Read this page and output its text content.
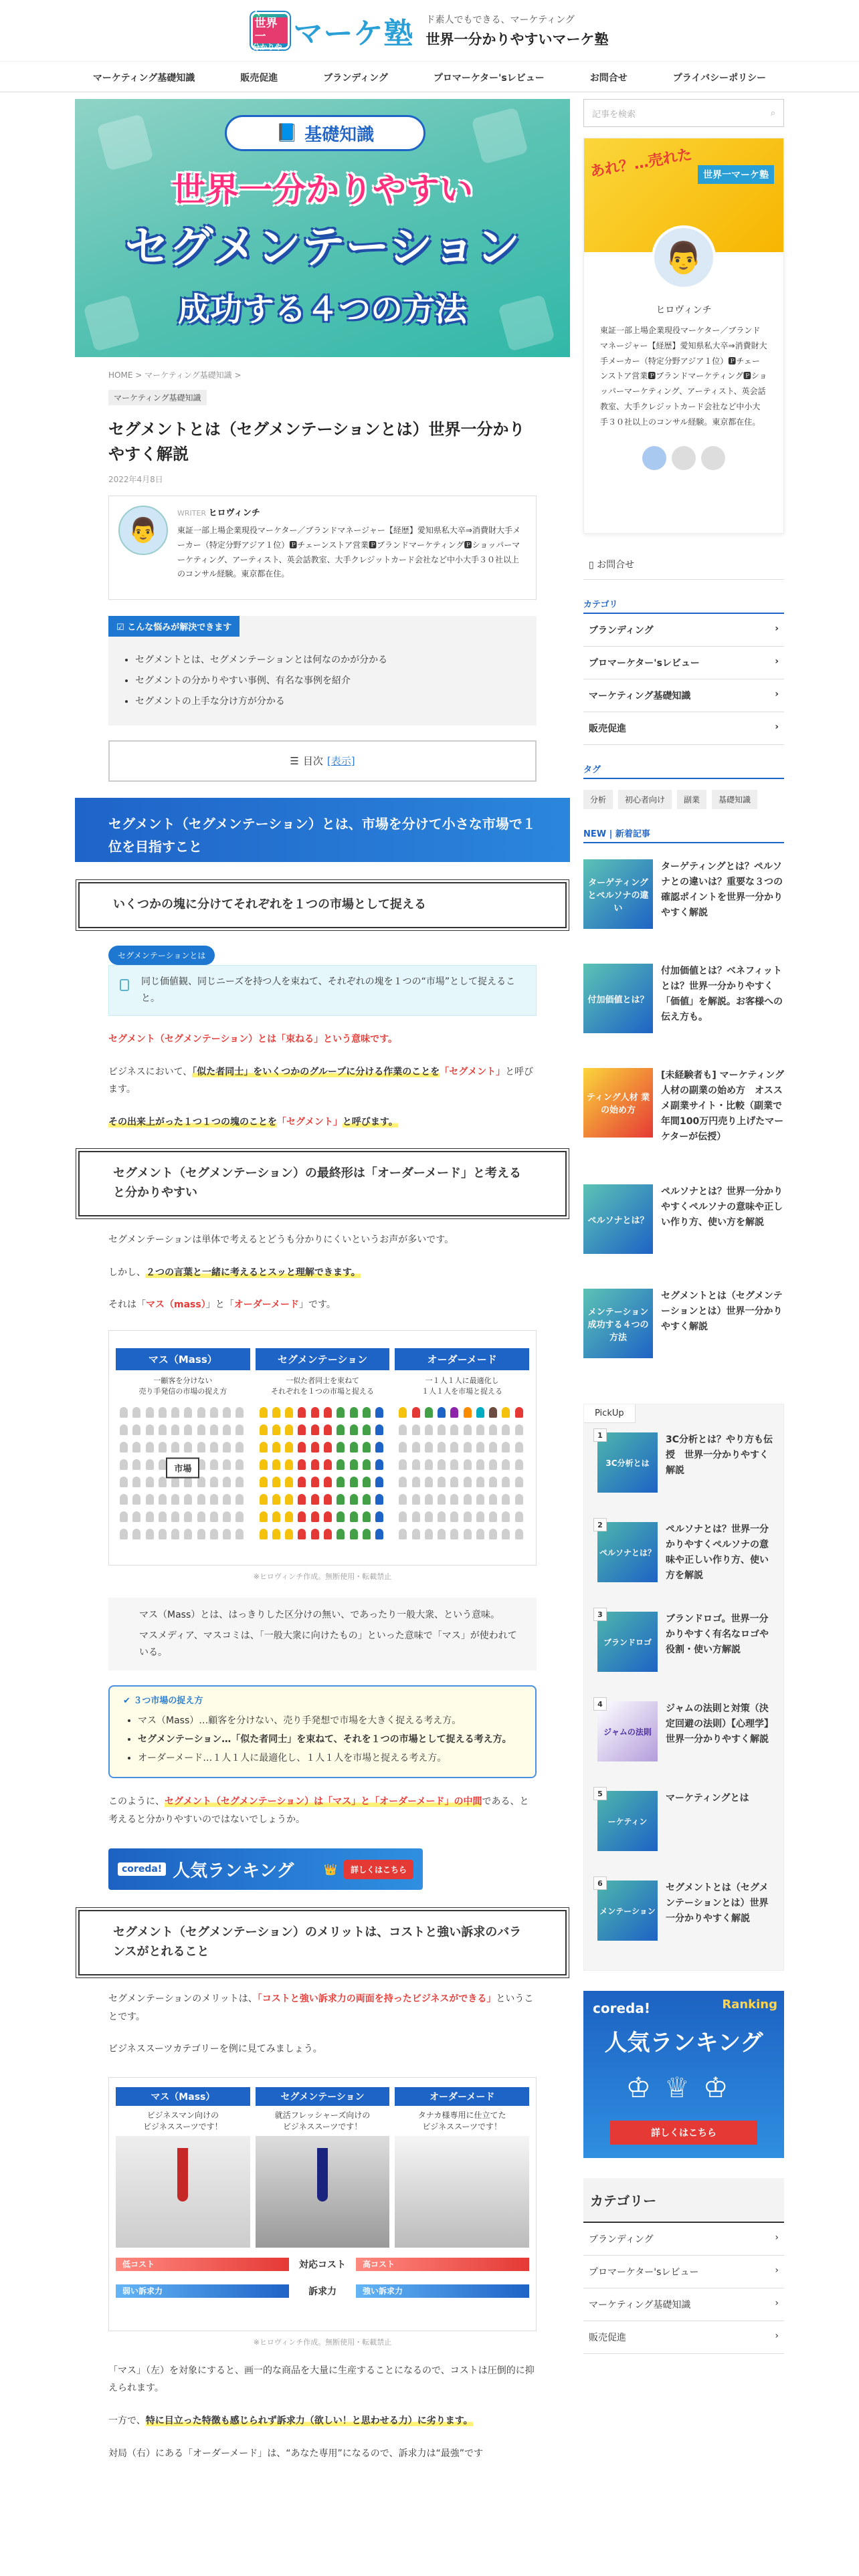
世界中の人
世界一
分かりやすい
マーケ塾 ド素人でもできる、マーケティング
世界一分かりやすいマーケ塾
マーケティング基礎知識	販売促進	ブランディング	プロマーケター'sレビュー	お問合せ	プライバシーポリシー
📘 基礎知識
世界一分かりやすい
セグメンテーション
成功する４つの方法
HOME > マーケティング基礎知識 >
マーケティング基礎知識
セグメントとは（セグメンテーションとは）世界一分かりやすく解説
2022年4月8日
👨
WRITER ヒロヴィンチ
東証一部上場企業現役マーケター／ブランドマネージャー【経歴】愛知県私大卒⇒消費財大手メーカー（特定分野アジア１位）🅿チェーンストア営業🅿ブランドマーケティング🅿ショッパーマーケティング、アーティスト、英会話教室、大手クレジットカード会社など中小大手３０社以上のコンサル経験。東京都在住。
☑ こんな悩みが解決できます
• セグメントとは、セグメンテーションとは何なのかが分かる
• セグメントの分かりやすい事例、有名な事例を紹介
• セグメントの上手な分け方が分かる
☰ 目次 [表示]
セグメント（セグメンテーション）とは、市場を分けて小さな市場で１位を目指すこと
いくつかの塊に分けてそれぞれを１つの市場として捉える
セグメンテーションとは
同じ価値観、同じニーズを持つ人を束ねて、それぞれの塊を１つの“市場”として捉えること。

セグメント（セグメンテーション）とは「束ねる」という意味です。

ビジネスにおいて、「似た者同士」をいくつかのグループに分ける作業のことを「セグメント」と呼びます。

その出来上がった１つ１つの塊のことを「セグメント」と呼びます。

セグメント（セグメンテーション）の最終形は「オーダーメード」と考えると分かりやすい

セグメンテーションは単体で考えるとどうも分かりにくいというお声が多いです。

しかし、２つの言葉と一緒に考えるとスッと理解できます。

それは「マス（mass）」と「オーダーメード」です。

マス（Mass）
一顧客を分けない
売り手発信の市場の捉え方
市場
セグメンテーション
一似た者同士を束ねて
それぞれを１つの市場と捉える
オーダーメード
一１人１人に最適化し
１人１人を市場と捉える
※ヒロヴィンチ作成。無断使用・転載禁止

マス（Mass）とは、はっきりした区分けの無い、であったり一般大衆、という意味。

マスメディア、マスコミは、「一般大衆に向けたもの」といった意味で「マス」が使われている。

✔ ３つ市場の捉え方
• マス（Mass）…顧客を分けない、売り手発想で市場を大きく捉える考え方。
• セグメンテーション…「似た者同士」を束ねて、それを１つの市場として捉える考え方。
• オーダーメード…１人１人に最適化し、１人１人を市場と捉える考え方。

このように、セグメント（セグメンテーション）は「マス」と「オーダーメード」の中間である、と考えると分かりやすいのではないでしょうか。

coreda! 人気ランキング	👑	詳しくはこちら
セグメント（セグメンテーション）のメリットは、コストと強い訴求のバランスがとれること

セグメンテーションのメリットは、「コストと強い訴求力の両面を持ったビジネスができる」ということです。

ビジネススーツカテゴリーを例に見てみましょう。

マス（Mass）
ビジネスマン向けの
ビジネススーツです！
セグメンテーション
就活フレッシャーズ向けの
ビジネススーツです！
オーダーメード
タナカ様専用に仕立てた
ビジネススーツです！
低コスト	対応コスト	高コスト
弱い訴求力	訴求力	強い訴求力
※ヒロヴィンチ作成。無断使用・転載禁止

「マス」（左）を対象にすると、画一的な商品を大量に生産することになるので、コストは圧倒的に抑えられます。

一方で、特に目立った特徴も感じられず訴求力（欲しい！と思わせる力）に劣ります。

対局（右）にある「オーダーメード」は、“あなた専用”になるので、訴求力は“最強”です

記事を検索	⌕
あれ？…売れた	世界一マーケ塾
👨
ヒロヴィンチ
東証一部上場企業現役マーケター／ブランドマネージャー【経歴】愛知県私大卒⇒消費財大手メーカー（特定分野アジア１位）🅿チェーンストア営業🅿ブランドマーケティング🅿ショッパーマーケティング、アーティスト、英会話教室、大手クレジットカード会社など中小大手３０社以上のコンサル経験。東京都在住。
▯ お問合せ
カテゴリ
ブランディング	›
プロマーケター'sレビュー	›
マーケティング基礎知識	›
販売促進	›
タグ
分析	初心者向け	副業	基礎知識
NEW | 新着記事
ターゲティングとペルソナの違い
ターゲティングとは？ペルソナとの違いは？重要な３つの確認ポイントを世界一分かりやすく解説
付加価値とは？
付加価値とは？ベネフィットとは？世界一分かりやすく「価値」を解説。お客様への伝え方も。
ティング人材 業の始め方
[未経験者も] マーケティング人材の副業の始め方　オススメ副業サイト・比較（副業で年間100万円売り上げたマーケターが伝授）
ペルソナとは？
ペルソナとは？世界一分かりやすくペルソナの意味や正しい作り方、使い方を解説
メンテーション 成功する４つの方法
セグメントとは（セグメンテーションとは）世界一分かりやすく解説
PickUp
1
3C分析とは
3C分析とは？やり方も伝授　世界一分かりやすく解説
2
ペルソナとは？
ペルソナとは？世界一分かりやすくペルソナの意味や正しい作り方、使い方を解説
3
ブランドロゴ
ブランドロゴ。世界一分かりやすく有名なロゴや役割・使い方解説
4
ジャムの法則
ジャムの法則と対策（決定回避の法則）【心理学】世界一分かりやすく解説
5
ーケティン
マーケティングとは
6
メンテーション
セグメントとは（セグメンテーションとは）世界一分かりやすく解説
coreda!	Ranking
人気ランキング
♔♕♔
詳しくはこちら
カテゴリー
ブランディング	›
プロマーケター'sレビュー	›
マーケティング基礎知識	›
販売促進	›
